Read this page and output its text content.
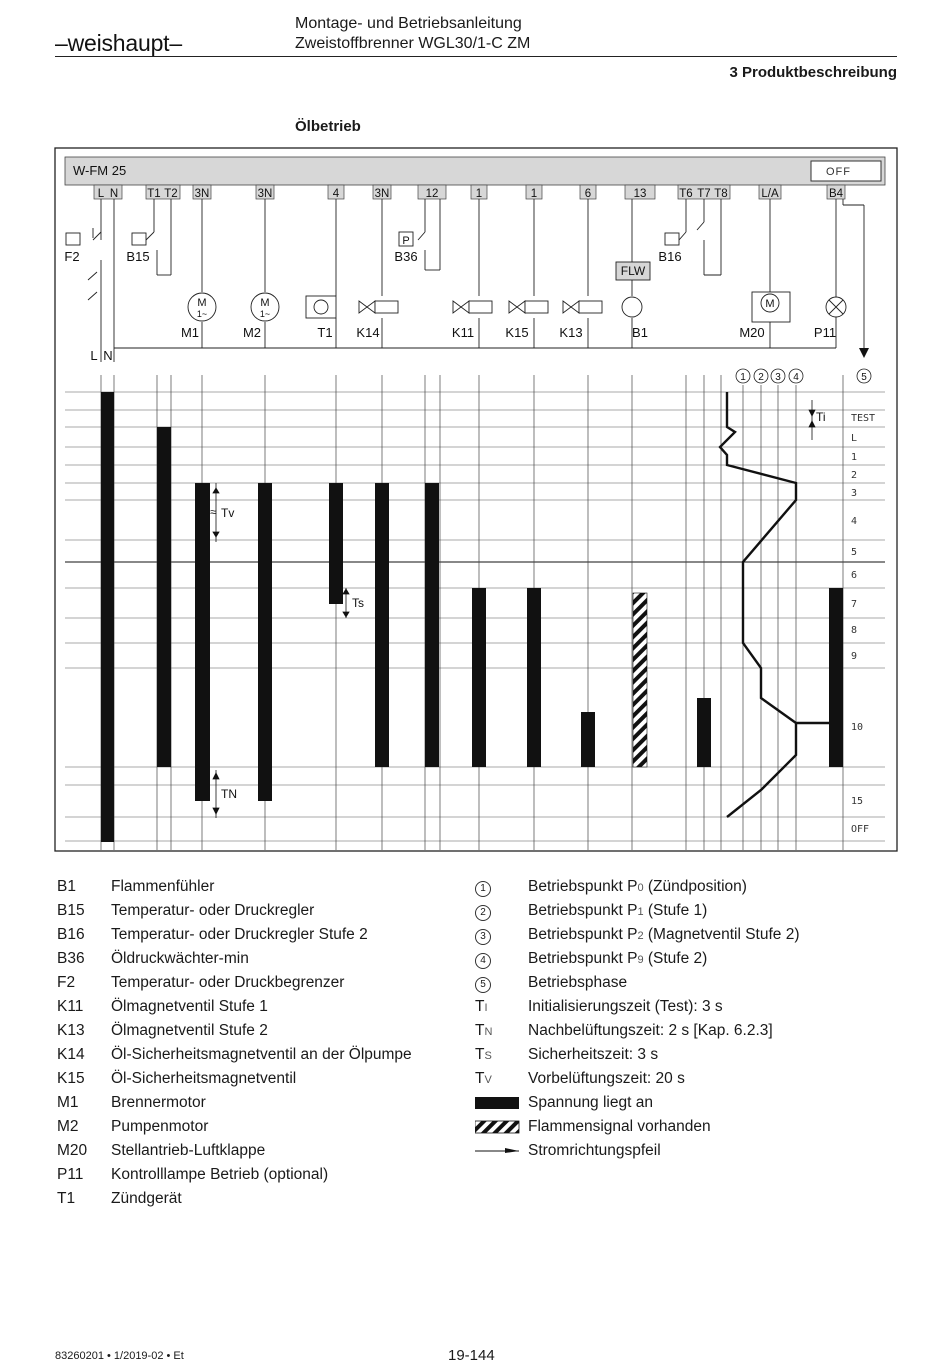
–weishaupt–
Montage- und Betriebsanleitung
Zweistoffbrenner WGL30/1-C ZM
3 Produktbeschreibung
Ölbetrieb
W-FM 25	OFF
L N	T1 T2 3N	3N	4	3N	12	1	1	6	13	T6 T7 T8	L/A	B4
P
M
1~
M
1~
M
FLW
F2	B15	B36	B16
M1	M2	T1 K14	K11 K15 K13	B1	M20	P11
L N
1 2 3 4	5
Ti
≈ Tv
Ts
TN
TEST
L
1
2
3
4
5
6
7
8
9
10
15
OFF
B1 Flammenfühler
B15 Temperatur- oder Druckregler
B16 Temperatur- oder Druckregler Stufe 2
B36 Öldruckwächter-min
F2 Temperatur- oder Druckbegrenzer
K11 Ölmagnetventil Stufe 1
K13 Ölmagnetventil Stufe 2
K14 Öl-Sicherheitsmagnetventil an der Ölpumpe
K15 Öl-Sicherheitsmagnetventil
M1 Brennermotor
M2 Pumpenmotor
M20 Stellantrieb-Luftklappe
P11 Kontrolllampe Betrieb (optional)
T1 Zündgerät
1	Betriebspunkt P0 (Zündposition)
2	Betriebspunkt P1 (Stufe 1)
3	Betriebspunkt P2 (Magnetventil Stufe 2)
4	Betriebspunkt P9 (Stufe 2)
5	Betriebsphase
TI	Initialisierungszeit (Test): 3 s
TN	Nachbelüftungszeit: 2 s [Kap. 6.2.3]
TS	Sicherheitszeit: 3 s
TV	Vorbelüftungszeit: 20 s
Spannung liegt an
Flammensignal vorhanden
Stromrichtungspfeil
83260201 • 1/2019-02 • Et	19-144
